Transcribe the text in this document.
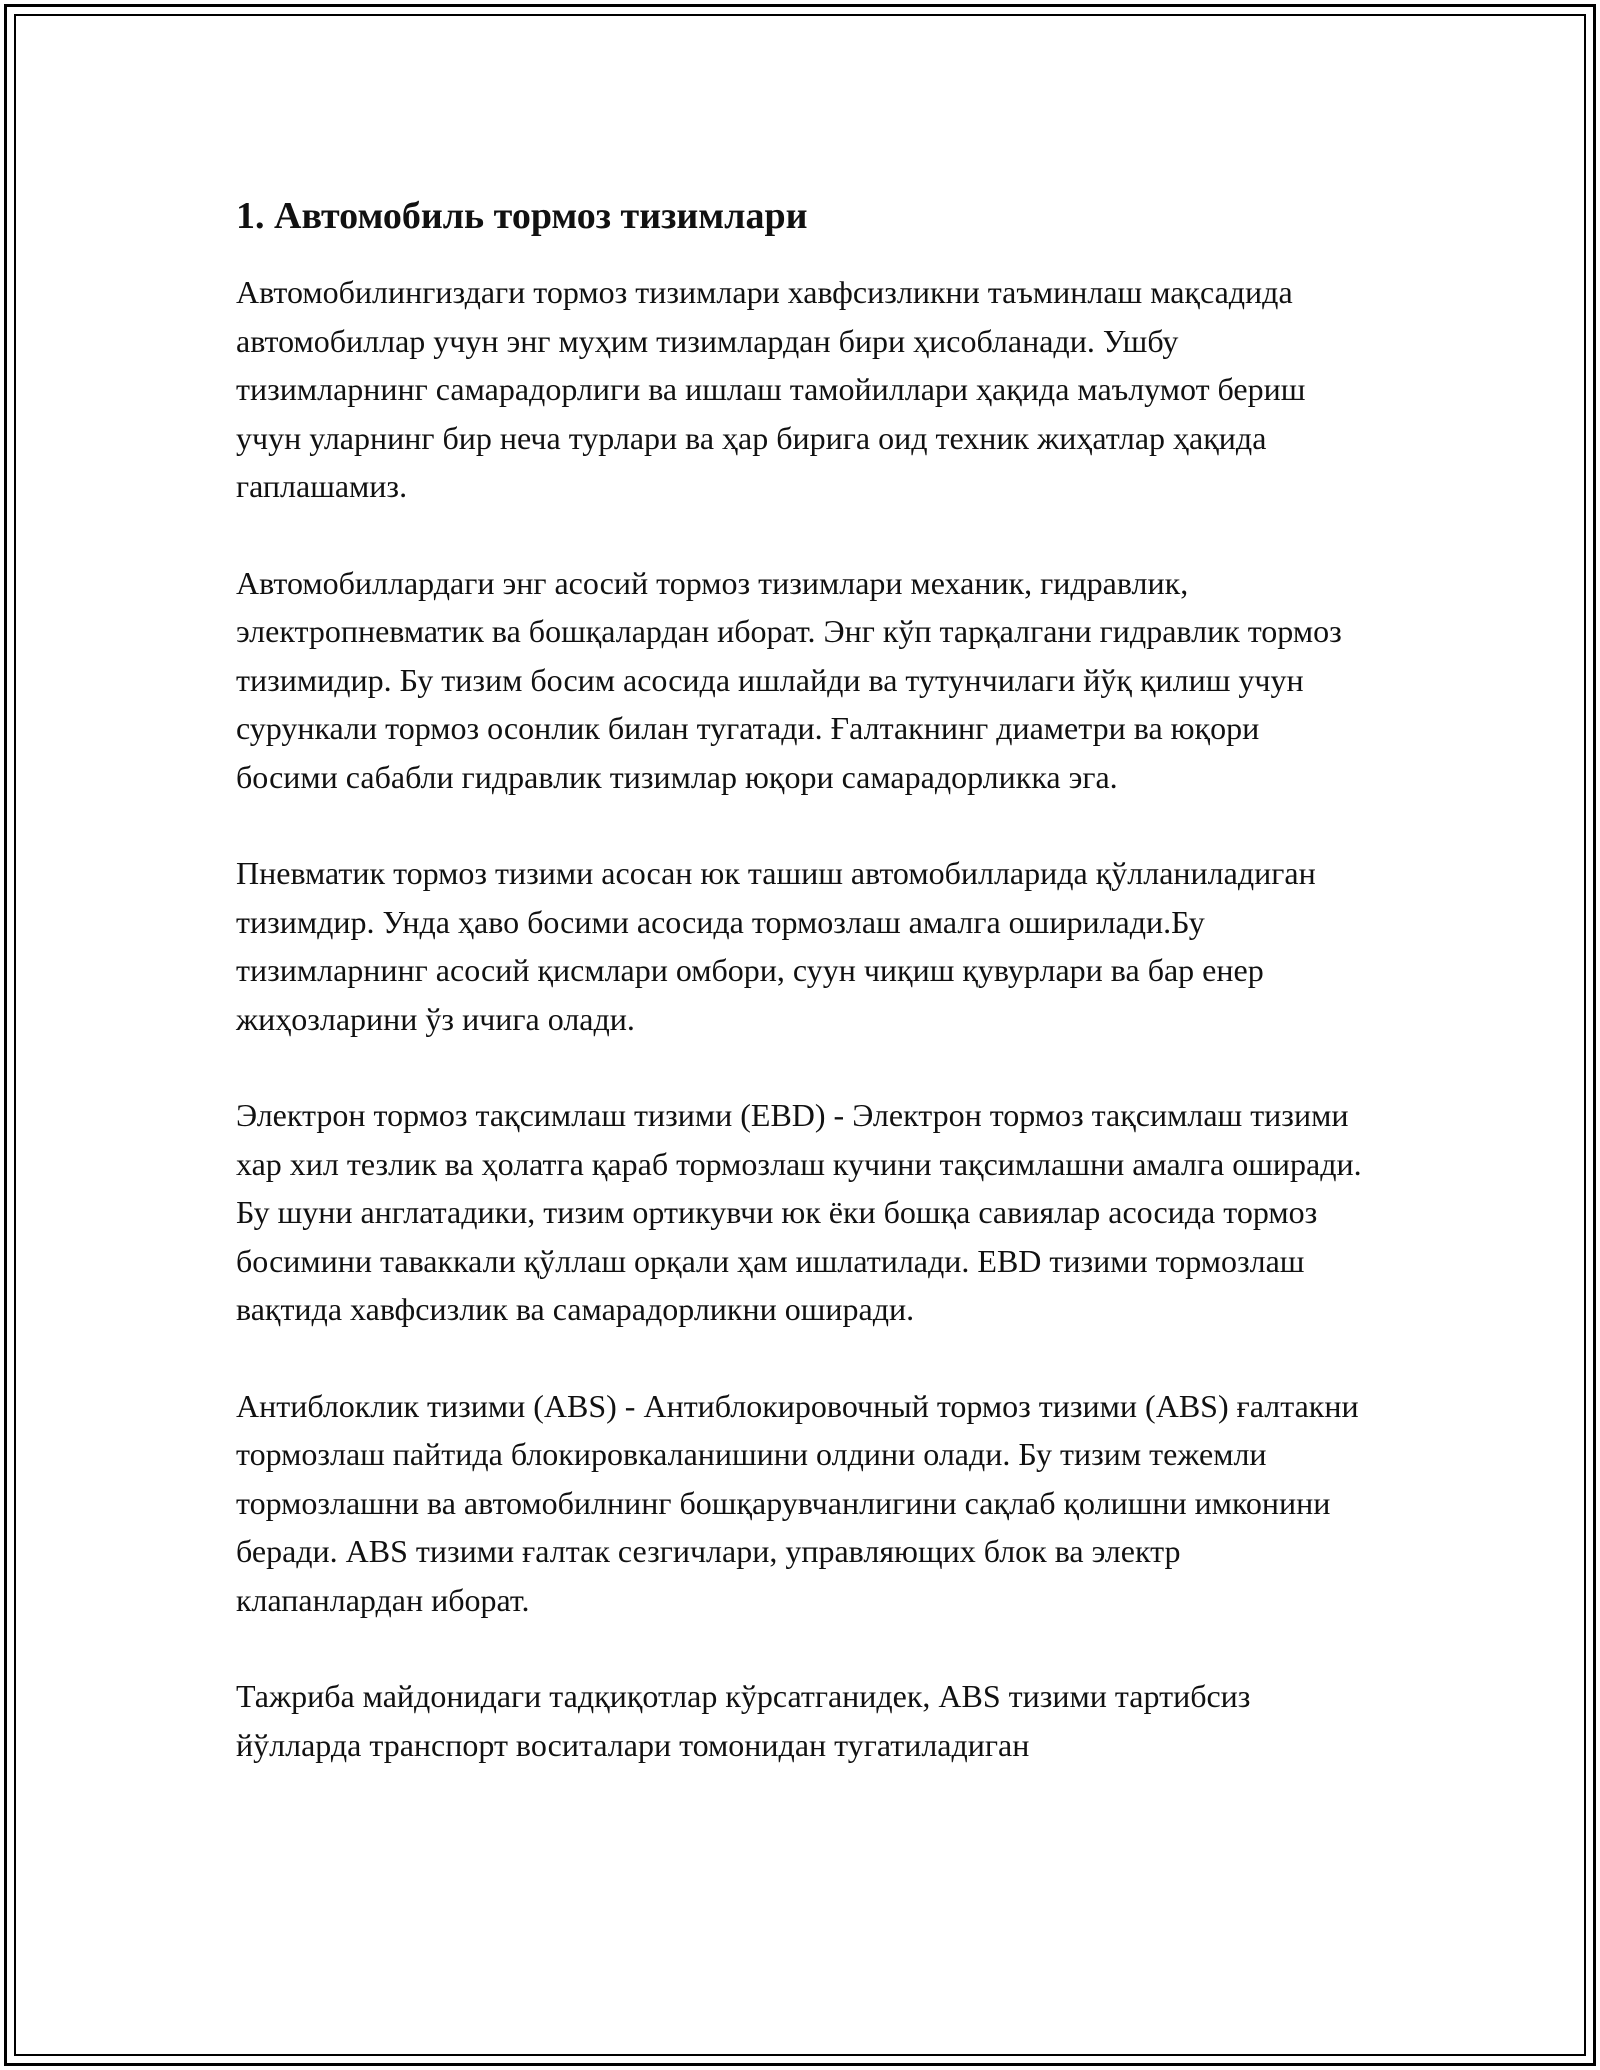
1. Автомобиль тормоз тизимлари

Автомобилингиздаги тормоз тизимлари хавфсизликни таъминлаш мақсадида автомобиллар учун энг муҳим тизимлардан бири ҳисобланади. Ушбу тизимларнинг самарадорлиги ва ишлаш тамойиллари ҳақида маълумот бериш учун уларнинг бир неча турлари ва ҳар бирига оид техник жиҳатлар ҳақида гаплашамиз.

Автомобиллардаги энг асосий тормоз тизимлари механик, гидравлик, электропневматик ва бошқалардан иборат. Энг кўп тарқалгани гидравлик тормоз тизимидир. Бу тизим босим асосида ишлайди ва тутунчилаги йўқ қилиш учун сурункали тормоз осонлик билан тугатади. Ғалтакнинг диаметри ва юқори босими сабабли гидравлик тизимлар юқори самарадорликка эга.

Пневматик тормоз тизими асосан юк ташиш автомобилларида қўлланиладиган тизимдир. Унда ҳаво босими асосида тормозлаш амалга оширилади.Бу тизимларнинг асосий қисмлари омбори, суун чиқиш қувурлари ва бар енер жиҳозларини ўз ичига олади.

Электрон тормоз тақсимлаш тизими (EBD) - Электрон тормоз тақсимлаш тизими хар хил тезлик ва ҳолатга қараб тормозлаш кучини тақсимлашни амалга оширади. Бу шуни англатадики, тизим ортикувчи юк ёки бошқа савиялар асосида тормоз босимини таваккали қўллаш орқали ҳам ишлатилади. EBD тизими тормозлаш вақтида хавфсизлик ва самарадорликни оширади.

Антиблоклик тизими (ABS) - Антиблокировочный тормоз тизими (ABS) ғалтакни тормозлаш пайтида блокировкаланишини олдини олади. Бу тизим тежемли тормозлашни ва автомобилнинг бошқарувчанлигини сақлаб қолишни имконини беради. ABS тизими ғалтак сезгичлари, управляющих блок ва электр клапанлардан иборат.

Тажриба майдонидаги тадқиқотлар кўрсатганидек, ABS тизими тартибсиз йўлларда транспорт воситалари томонидан тугатиладиган
